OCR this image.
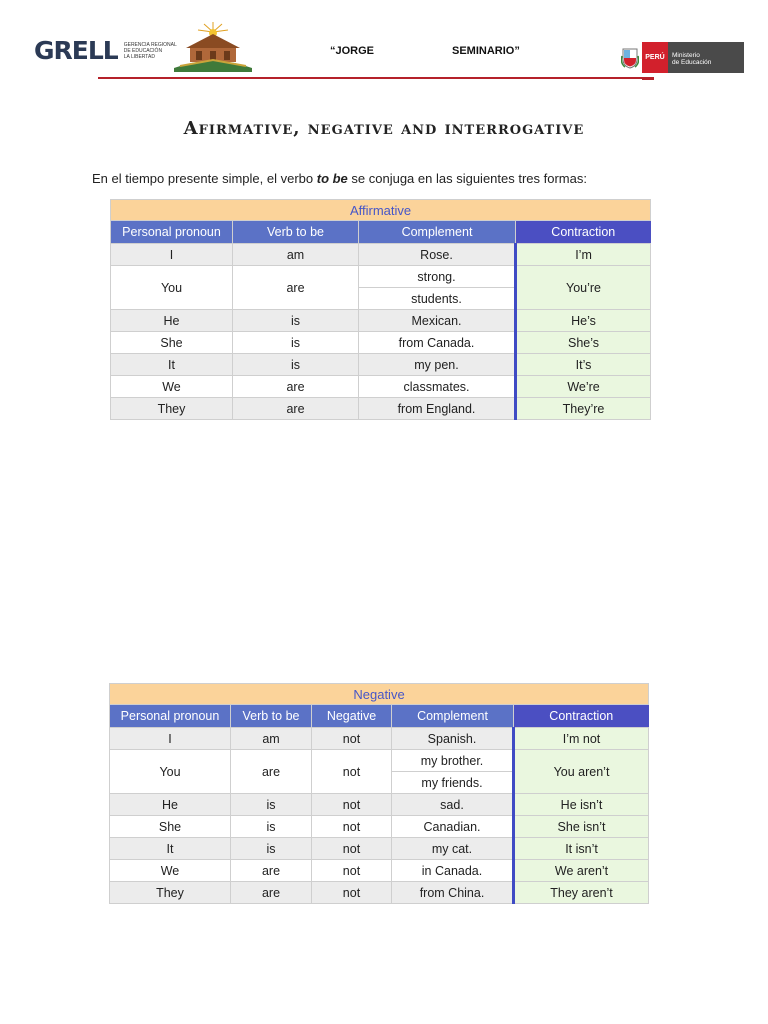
GRELL GERENCIA REGIONAL
DE EDUCACIÓN
LA LIBERTAD	“JORGE	SEMINARIO”
PERÚ	Ministerio
de Educación
Afirmative, negative and interrogative
En el tiempo presente simple, el verbo to be se conjuga en las siguientes tres formas:
Affirmative			
Personal pronoun	Verb to be	Complement	Contraction
I	am	Rose.	I’m
You	are	strong.	You’re
		students.	
He	is	Mexican.	He’s
She	is	from Canada.	She’s
It	is	my pen.	It’s
We	are	classmates.	We’re
They	are	from England.	They’re
Negative				
Personal pronoun	Verb to be	Negative	Complement	Contraction
I	am	not	Spanish.	I’m not
You	are	not	my brother.	You aren’t
			my friends.	
He	is	not	sad.	He isn’t
She	is	not	Canadian.	She isn’t
It	is	not	my cat.	It isn’t
We	are	not	in Canada.	We aren’t
They	are	not	from China.	They aren’t
